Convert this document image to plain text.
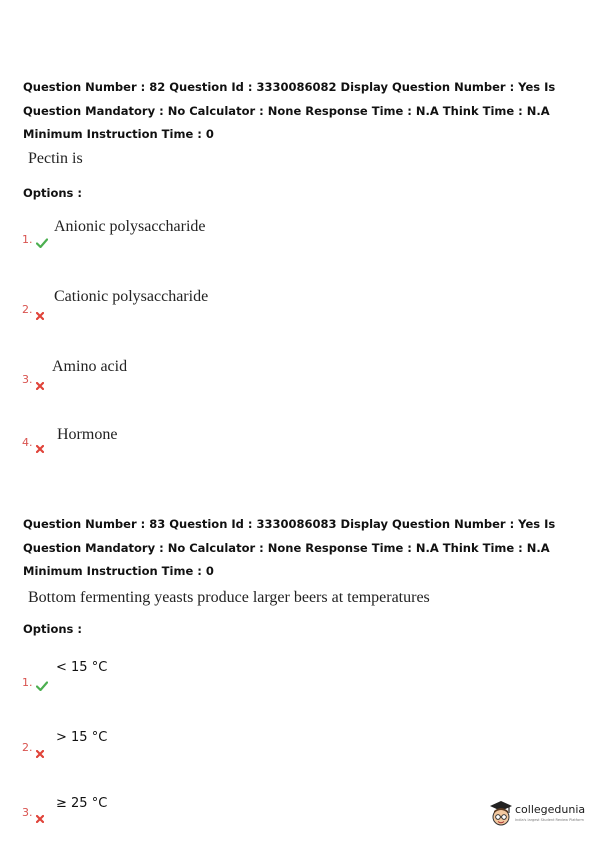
Question Number : 82 Question Id : 3330086082 Display Question Number : Yes Is Question Mandatory : No Calculator : None Response Time : N.A Think Time : N.A Minimum Instruction Time : 0
Pectin is
Options :
1.
Anionic polysaccharide
2.
Cationic polysaccharide
3.
Amino acid
4. Hormone
Question Number : 83 Question Id : 3330086083 Display Question Number : Yes Is Question Mandatory : No Calculator : None Response Time : N.A Think Time : N.A Minimum Instruction Time : 0
Bottom fermenting yeasts produce larger beers at temperatures
Options :
1.
< 15 °C
2.
> 15 °C
3.
≥ 25 °C	collegedunia
India's largest Student Review Platform
